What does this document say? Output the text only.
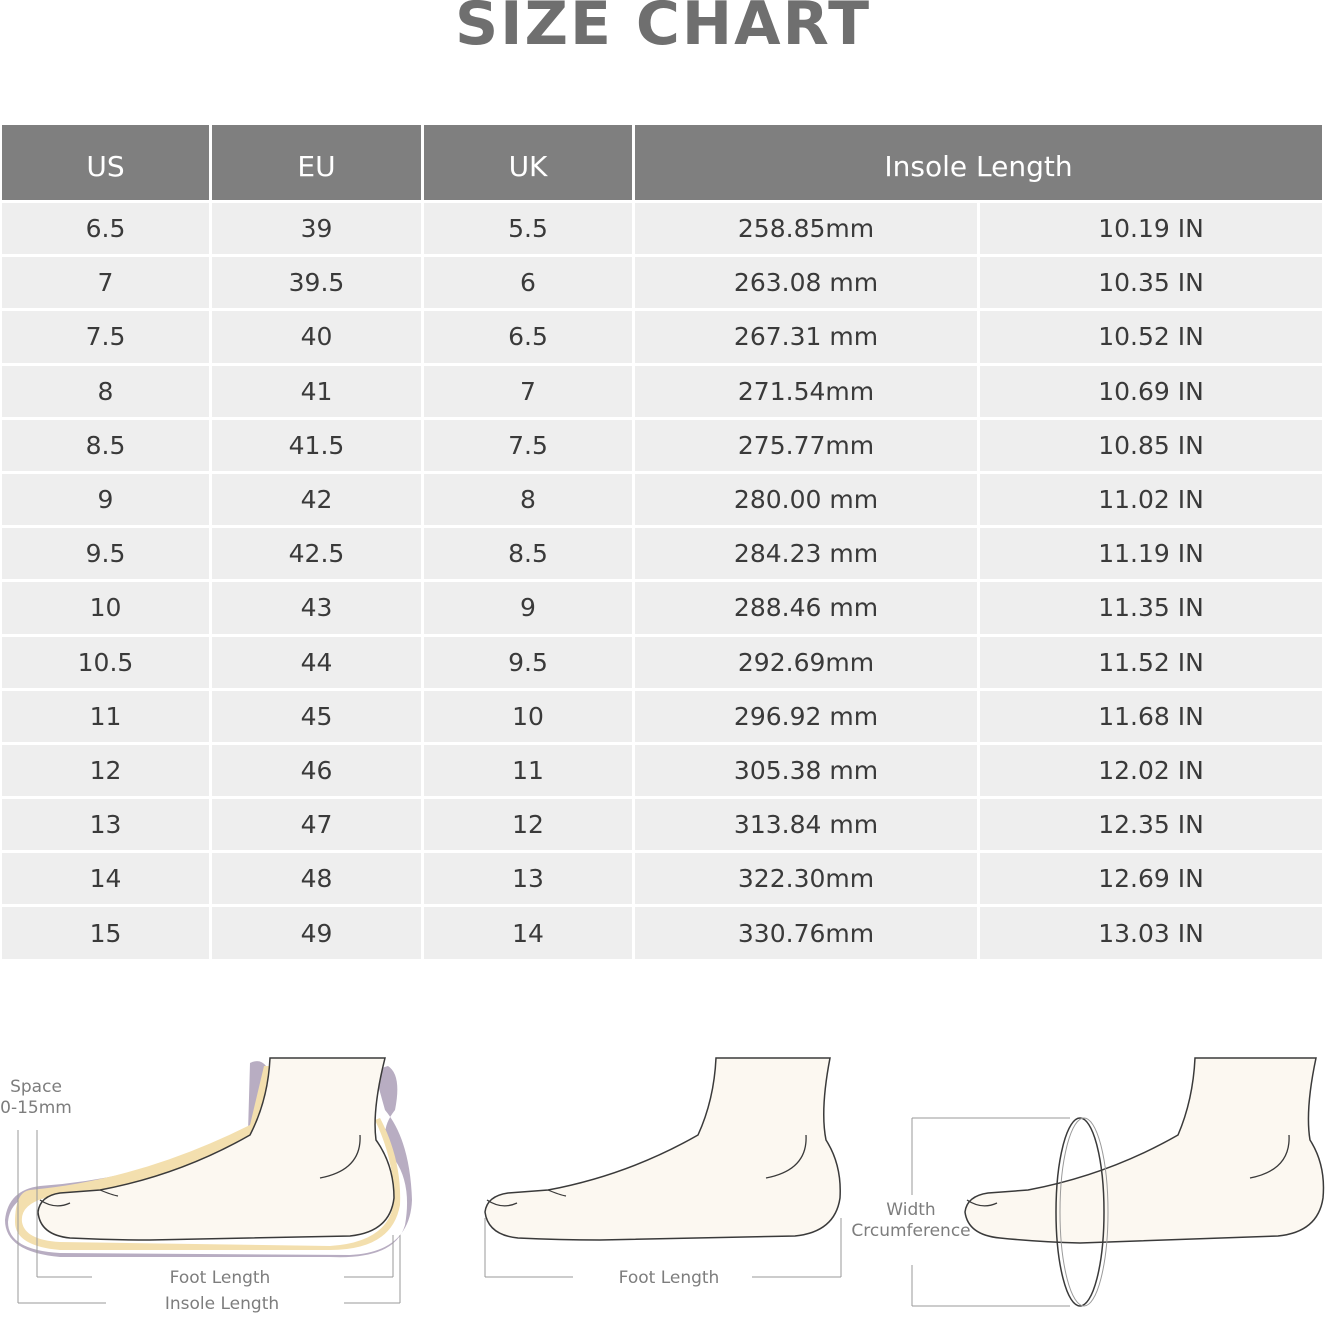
SIZE CHART
US	EU	UK	Insole Length
6.5	39	5.5	258.85mm	10.19 IN
7	39.5	6	263.08 mm	10.35 IN
7.5	40	6.5	267.31 mm	10.52 IN
8	41	7	271.54mm	10.69 IN
8.5	41.5	7.5	275.77mm	10.85 IN
9	42	8	280.00 mm	11.02 IN
9.5	42.5	8.5	284.23 mm	11.19 IN
10	43	9	288.46 mm	11.35 IN
10.5	44	9.5	292.69mm	11.52 IN
11	45	10	296.92 mm	11.68 IN
12	46	11	305.38 mm	12.02 IN
13	47	12	313.84 mm	12.35 IN
14	48	13	322.30mm	12.69 IN
15	49	14	330.76mm	13.03 IN
Space
0-15mm
Foot Length
Insole Length
Foot Length
Width
Crcumference
